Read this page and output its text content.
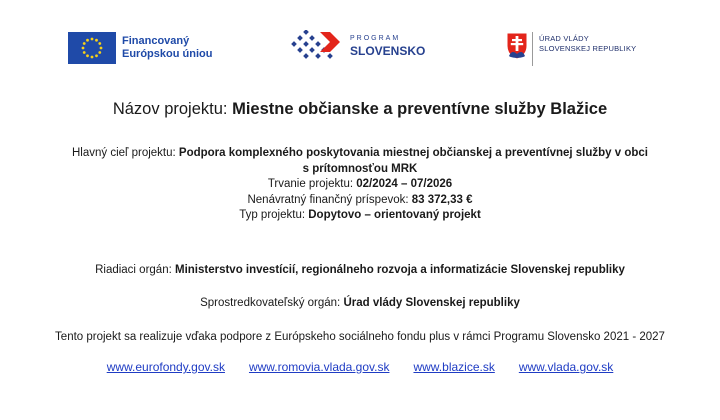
Financovaný
Európskou úniou
PROGRAM
SLOVENSKO
ÚRAD VLÁDY
SLOVENSKEJ REPUBLIKY
Názov projektu: Miestne občianske a preventívne služby Blažice
Hlavný cieľ projektu: Podpora komplexného poskytovania miestnej občianskej a preventívnej služby v obci
s prítomnosťou MRK
Trvanie projektu: 02/2024 – 07/2026
Nenávratný finančný príspevok: 83 372,33 €
Typ projektu: Dopytovo – orientovaný projekt
Riadiaci orgán: Ministerstvo investícií, regionálneho rozvoja a informatizácie Slovenskej republiky
Sprostredkovateľský orgán: Úrad vlády Slovenskej republiky
Tento projekt sa realizuje vďaka podpore z Európskeho sociálneho fondu plus v rámci Programu Slovensko 2021 - 2027
www.eurofondy.gov.sk www.romovia.vlada.gov.sk www.blazice.sk www.vlada.gov.sk
